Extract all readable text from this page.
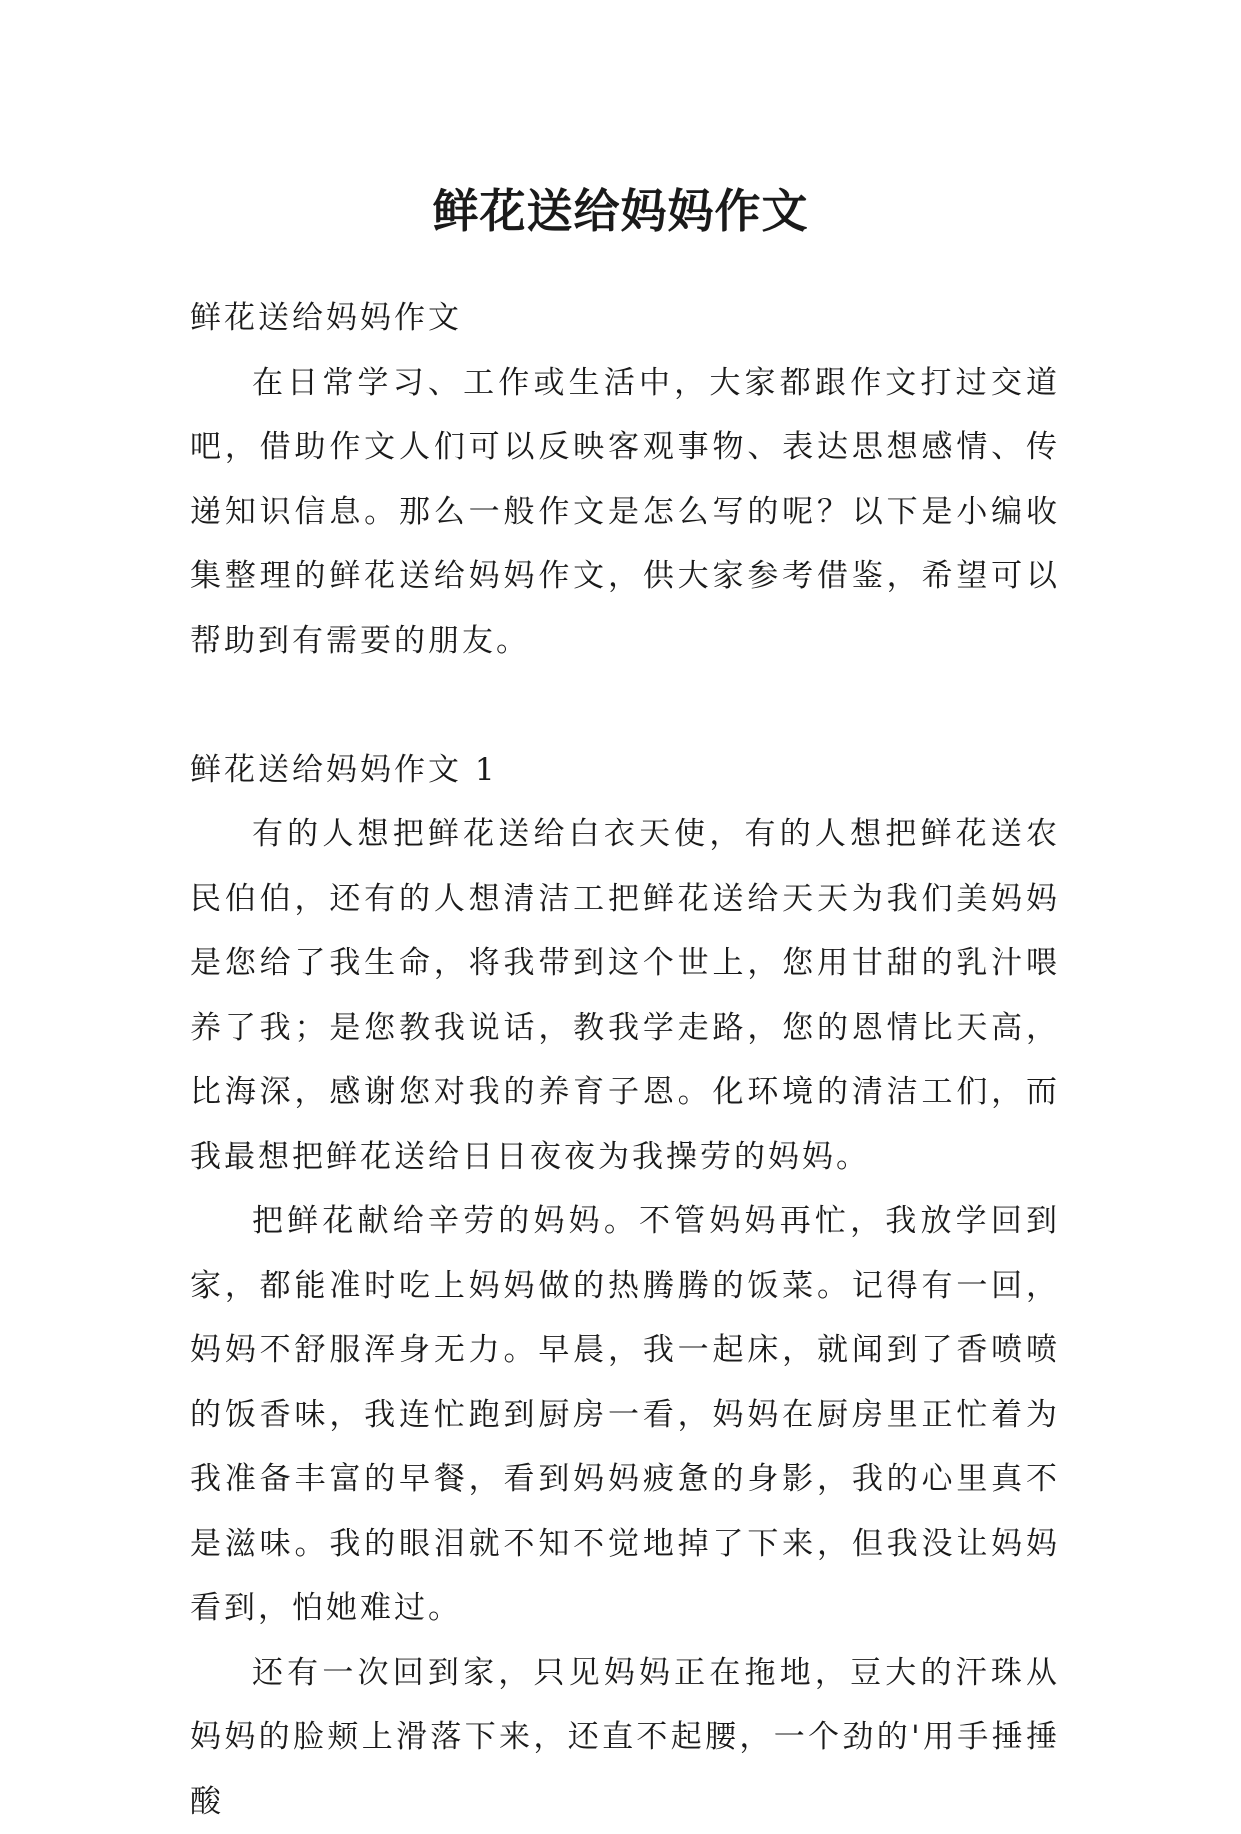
鲜花送给妈妈作文

鲜花送给妈妈作文

在日常学习、工作或生活中，大家都跟作文打过交道吧，借助作文人们可以反映客观事物、表达思想感情、传递知识信息。那么一般作文是怎么写的呢？以下是小编收集整理的鲜花送给妈妈作文，供大家参考借鉴，希望可以帮助到有需要的朋友。

鲜花送给妈妈作文 1

有的人想把鲜花送给白衣天使，有的人想把鲜花送农民伯伯，还有的人想清洁工把鲜花送给天天为我们美妈妈是您给了我生命，将我带到这个世上，您用甘甜的乳汁喂养了我；是您教我说话，教我学走路，您的恩情比天高，比海深，感谢您对我的养育子恩。化环境的清洁工们，而我最想把鲜花送给日日夜夜为我操劳的妈妈。

把鲜花献给辛劳的妈妈。不管妈妈再忙，我放学回到家，都能准时吃上妈妈做的热腾腾的饭菜。记得有一回，妈妈不舒服浑身无力。早晨，我一起床，就闻到了香喷喷的饭香味，我连忙跑到厨房一看，妈妈在厨房里正忙着为我准备丰富的早餐，看到妈妈疲惫的身影，我的心里真不是滋味。我的眼泪就不知不觉地掉了下来，但我没让妈妈看到，怕她难过。

还有一次回到家，只见妈妈正在拖地，豆大的汗珠从妈妈的脸颊上滑落下来，还直不起腰，一个劲的'用手捶捶酸
